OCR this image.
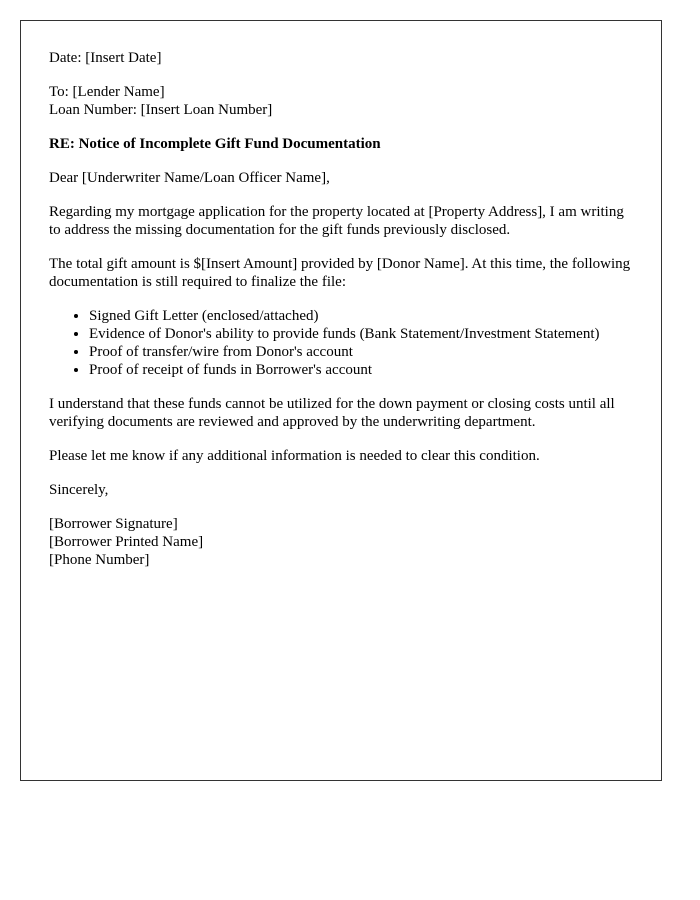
Date: [Insert Date]

To: [Lender Name]
Loan Number: [Insert Loan Number]

RE: Notice of Incomplete Gift Fund Documentation

Dear [Underwriter Name/Loan Officer Name],

Regarding my mortgage application for the property located at [Property Address], I am writing to address the missing documentation for the gift funds previously disclosed.

The total gift amount is $[Insert Amount] provided by [Donor Name]. At this time, the following documentation is still required to finalize the file:

• Signed Gift Letter (enclosed/attached)
• Evidence of Donor's ability to provide funds (Bank Statement/Investment Statement)
• Proof of transfer/wire from Donor's account
• Proof of receipt of funds in Borrower's account

I understand that these funds cannot be utilized for the down payment or closing costs until all verifying documents are reviewed and approved by the underwriting department.

Please let me know if any additional information is needed to clear this condition.

Sincerely,

[Borrower Signature]
[Borrower Printed Name]
[Phone Number]
